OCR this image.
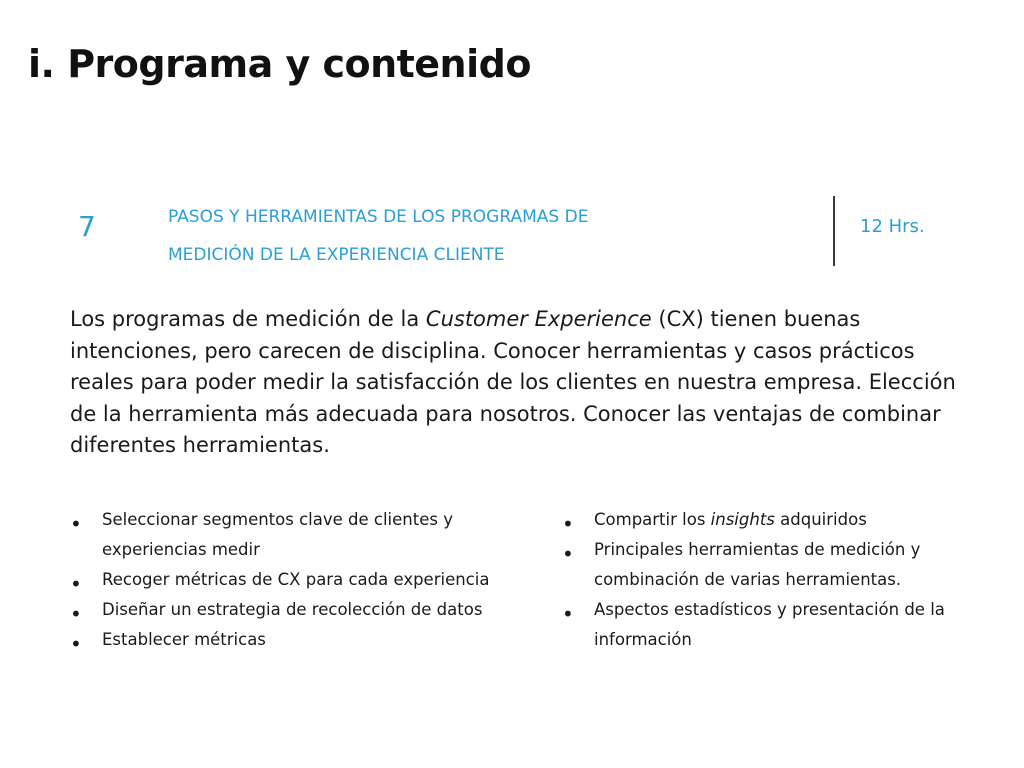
i. Programa y contenido
7	PASOS Y HERRAMIENTAS DE LOS PROGRAMAS DE
MEDICIÓN DE LA EXPERIENCIA CLIENTE
12 Hrs.

Los programas de medición de la Customer Experience (CX) tienen buenas intenciones, pero carecen de disciplina. Conocer herramientas y casos prácticos reales para poder medir la satisfacción de los clientes en nuestra empresa. Elección de la herramienta más adecuada para nosotros. Conocer las ventajas de combinar diferentes herramientas.

• Seleccionar segmentos clave de clientes y experiencias medir
• Recoger métricas de CX para cada experiencia
• Diseñar un estrategia de recolección de datos
• Establecer métricas
• Compartir los insights adquiridos
• Principales herramientas de medición y combinación de varias herramientas.
• Aspectos estadísticos y presentación de la información
